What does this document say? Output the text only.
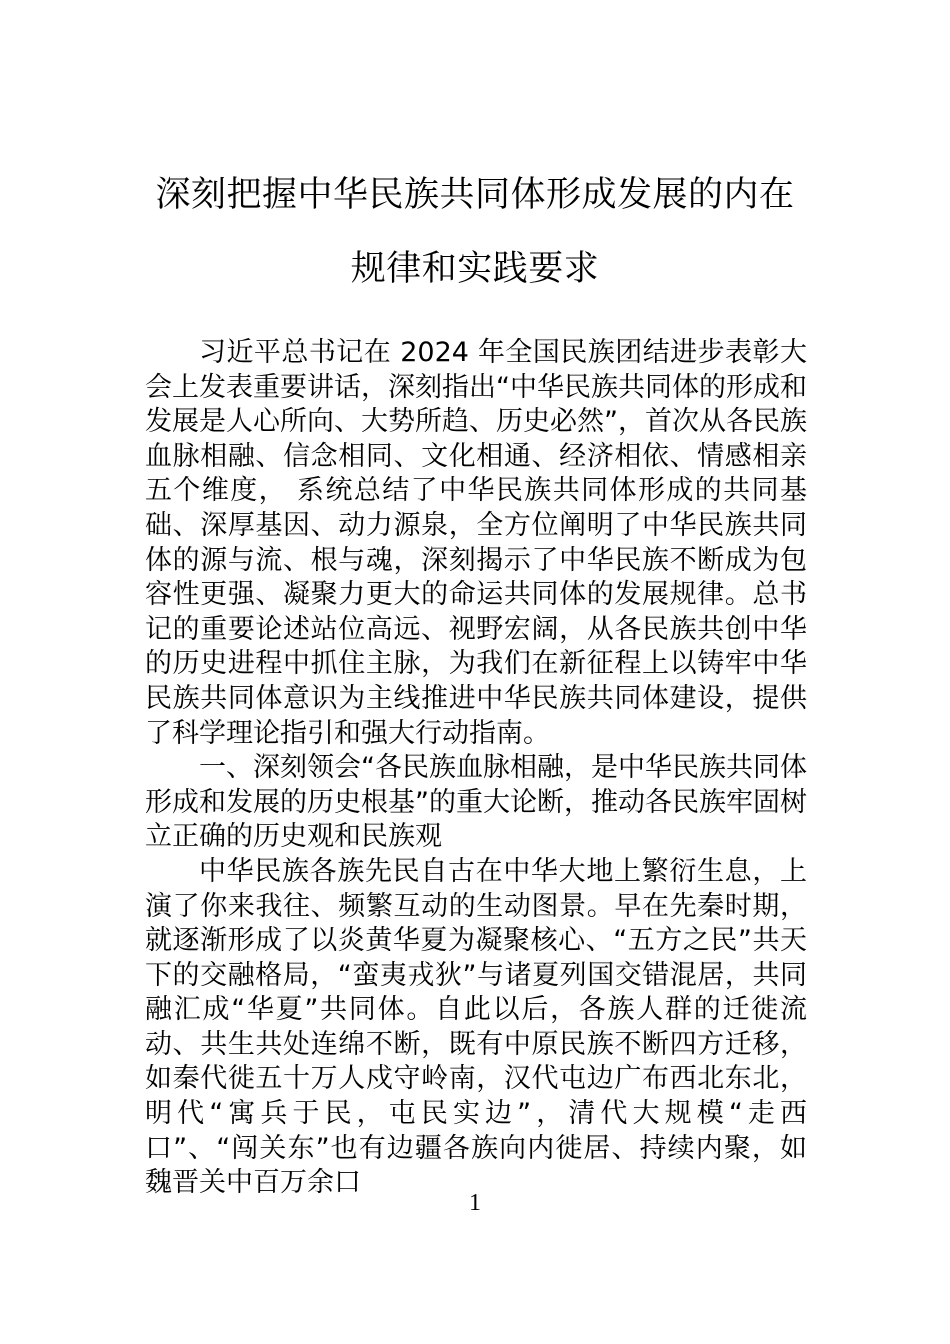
深刻把握中华民族共同体形成发展的内在
规律和实践要求

习近平总书记在 2024 年全国民族团结进步表彰大会上发表重要讲话，深刻指出“中华民族共同体的形成和发展是人心所向、大势所趋、历史必然”，首次从各民族血脉相融、信念相同、文化相通、经济相依、情感相亲五个维度， 系统总结了中华民族共同体形成的共同基础、深厚基因、动力源泉，全方位阐明了中华民族共同体的源与流、根与魂，深刻揭示了中华民族不断成为包容性更强、凝聚力更大的命运共同体的发展规律。总书记的重要论述站位高远、视野宏阔，从各民族共创中华的历史进程中抓住主脉，为我们在新征程上以铸牢中华民族共同体意识为主线推进中华民族共同体建设，提供了科学理论指引和强大行动指南。

一、深刻领会“各民族血脉相融，是中华民族共同体形成和发展的历史根基”的重大论断，推动各民族牢固树立正确的历史观和民族观

中华民族各族先民自古在中华大地上繁衍生息，上演了你来我往、频繁互动的生动图景。早在先秦时期，就逐渐形成了以炎黄华夏为凝聚核心、“五方之民”共天下的交融格局，“蛮夷戎狄”与诸夏列国交错混居，共同融汇成“华夏”共同体。自此以后，各族人群的迁徙流动、共生共处连绵不断，既有中原民族不断四方迁移，如秦代徙五十万人戍守岭南，汉代屯边广布西北东北，明代“寓兵于民，屯民实边”，清代大规模“走西口”、“闯关东”也有边疆各族向内徙居、持续内聚，如魏晋关中百万余口

1
